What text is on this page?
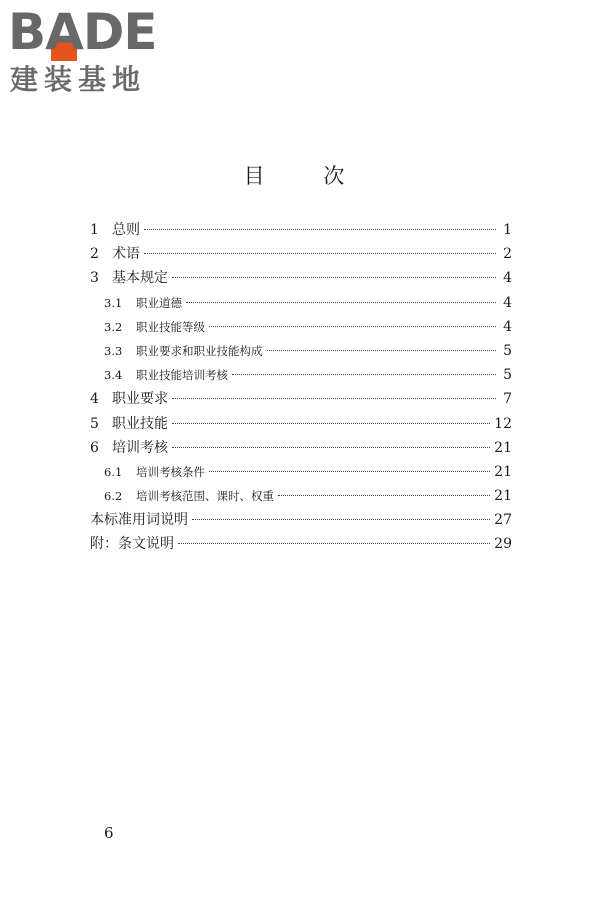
BADE
建装基地
目 次
1 总则	1
2 术语	2
3 基本规定	4
3.1	职业道德	4
3.2	职业技能等级	4
3.3	职业要求和职业技能构成	5
3.4	职业技能培训考核	5
4 职业要求	7
5 职业技能	12
6 培训考核	21
6.1	培训考核条件	21
6.2	培训考核范围、课时、权重	21
本标准用词说明	27
附：条文说明	29
6
